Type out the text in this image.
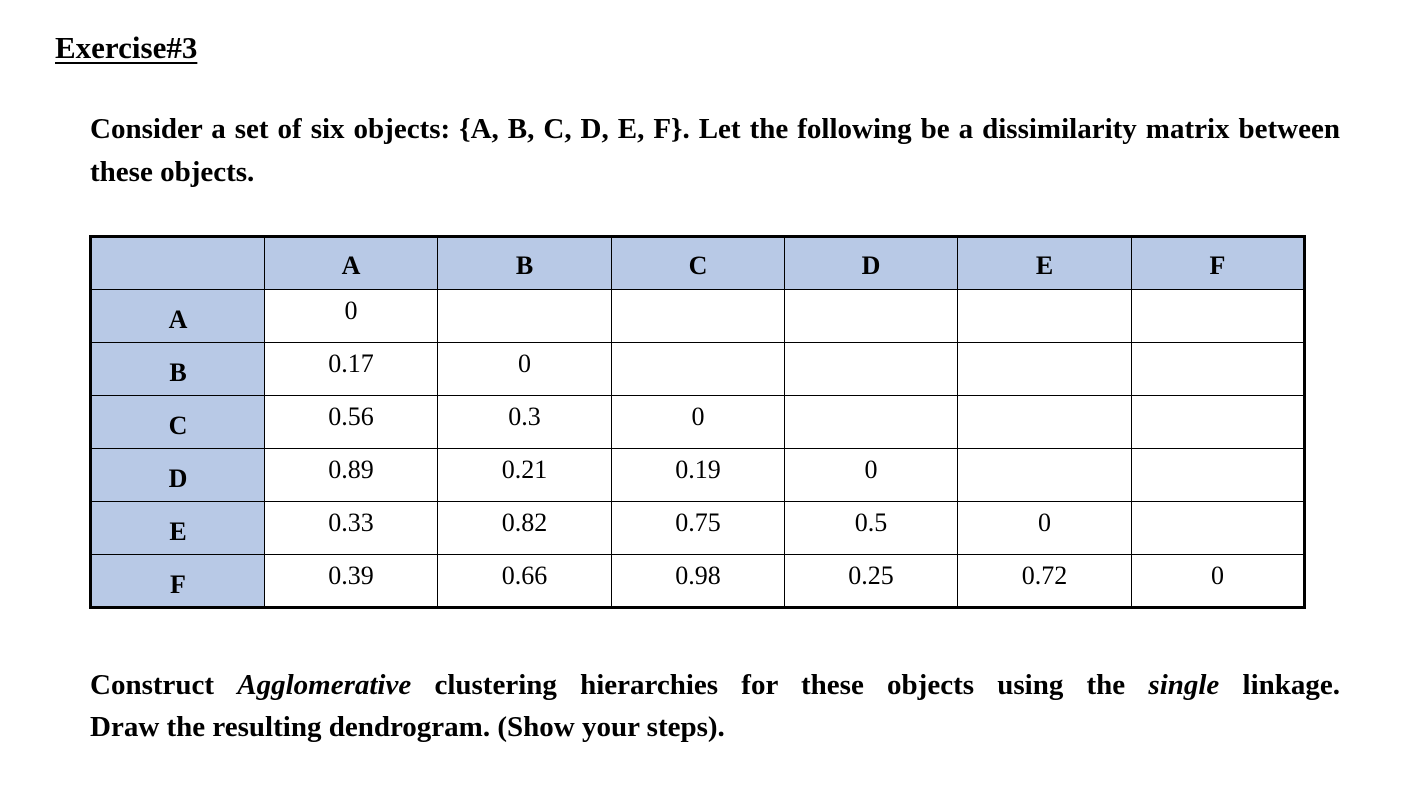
Exercise#3

Consider a set of six objects: {A, B, C, D, E, F}. Let the following be a dissimilarity matrix between these objects.

	A	B	C	D	E	F
A	0					
B	0.17	0				
C	0.56	0.3	0			
D	0.89	0.21	0.19	0		
E	0.33	0.82	0.75	0.5	0	
F	0.39	0.66	0.98	0.25	0.72	0
Construct Agglomerative clustering hierarchies for these objects using the single linkage.
Draw the resulting dendrogram. (Show your steps).
